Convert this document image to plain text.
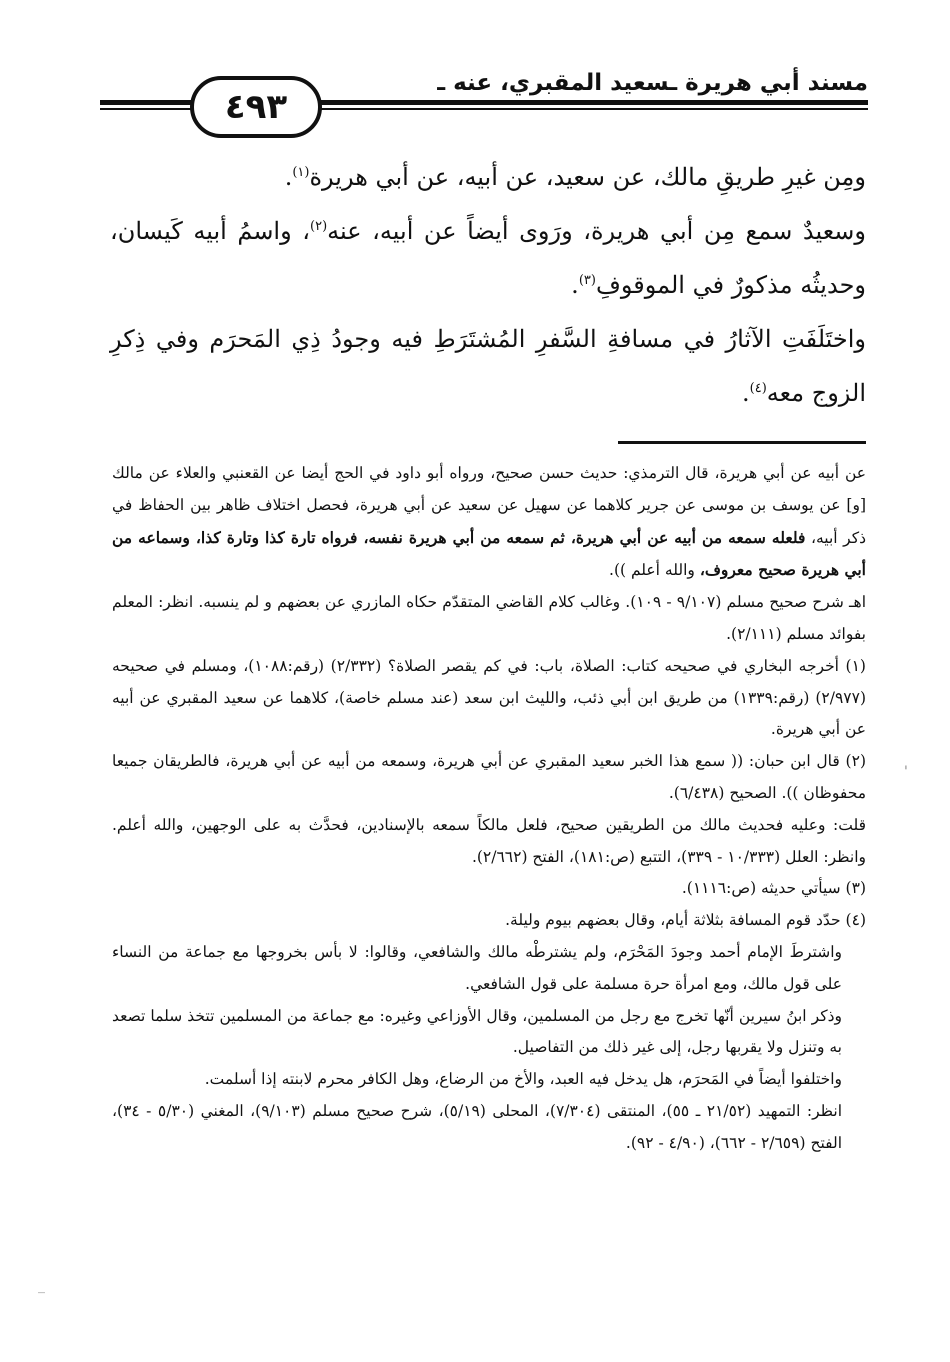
مسند أبي هريرة ـسعيد المقبري، عنه ـ
٤٩٣

ومِن غيرِ طريقِ مالك، عن سعيد، عن أبيه، عن أبي هريرة$^{(١)}$.

وسعيدٌ سمع مِن أبي هريرة، ورَوى أيضاً عن أبيه، عنه$^{(٢)}$، واسمُ أبيه كَيسان، وحديثُه مذكورٌ في الموقوفِ$^{(٣)}$.

واختَلَفَتِ الآثارُ في مسافةِ السَّفرِ المُشتَرَطِ فيه وجودُ ذِي المَحرَم وفي ذِكرِ الزوج معه$^{(٤)}$.

عن أبيه عن أبي هريرة، قال الترمذي: حديث حسن صحيح، ورواه أبو داود في الحج أيضا عن القعنبي والعلاء عن مالك [و] عن يوسف بن موسى عن جرير كلاهما عن سهيل عن سعيد عن أبي هريرة، فحصل اختلاف ظاهر بين الحفاظ في ذكر أبيه، فلعله سمعه من أبيه عن أبي هريرة، ثم سمعه من أبي هريرة نفسه، فرواه تارة كذا وتارة كذا، وسماعه من أبي هريرة صحيح معروف، والله أعلم )).

اهـ شرح صحيح مسلم (٩/١٠٧ - ١٠٩). وغالب كلام القاضي المتقدّم حكاه المازري عن بعضهم و لم ينسبه. انظر: المعلم بفوائد مسلم (٢/١١١).

(١) أخرجه البخاري في صحيحه كتاب: الصلاة، باب: في كم يقصر الصلاة؟ (٢/٣٣٢) (رقم:١٠٨٨)، ومسلم في صحيحه (٢/٩٧٧) (رقم:١٣٣٩) من طريق ابن أبي ذئب، والليث ابن سعد (عند مسلم خاصة)، كلاهما عن سعيد المقبري عن أبيه عن أبي هريرة.

(٢) قال ابن حبان: (( سمع هذا الخبر سعيد المقبري عن أبي هريرة، وسمعه من أبيه عن أبي هريرة، فالطريقان جميعا محفوظان )). الصحيح (٦/٤٣٨).

قلت: وعليه فحديث مالك من الطريقين صحيح، فلعل مالكاً سمعه بالإسنادين، فحدَّث به على الوجهين، والله أعلم. وانظر: العلل (١٠/٣٣٣ - ٣٣٩)، التتبع (ص:١٨١)، الفتح (٢/٦٦٢).

(٣) سيأتي حديثه (ص:١١١٦).

(٤) حدّد قوم المسافة بثلاثة أيام، وقال بعضهم بيوم وليلة.

واشترطَ الإمام أحمد وجودَ المَحْرَم، ولم يشترطْه مالك والشافعي، وقالوا: لا بأس بخروجها مع جماعة من النساء على قول مالك، ومع امرأة حرة مسلمة على قول الشافعي.

وذكر ابنُ سيرين أنّها تخرج مع رجل من المسلمين، وقال الأوزاعي وغيره: مع جماعة من المسلمين تتخذ سلما تصعد به وتنزل ولا يقربها رجل، إلى غير ذلك من التفاصيل.

واختلفوا أيضاً في المَحرَم، هل يدخل فيه العبد، والأخ من الرضاع، وهل الكافر محرم لابنته إذا أسلمت.

انظر: التمهيد (٢١/٥٢ ـ ٥٥)، المنتقى (٧/٣٠٤)، المحلى (٥/١٩)، شرح صحيح مسلم (٩/١٠٣)، المغني (٥/٣٠ - ٣٤)، الفتح (٢/٦٥٩ - ٦٦٢)، (٤/٩٠ - ٩٢).

'
_
